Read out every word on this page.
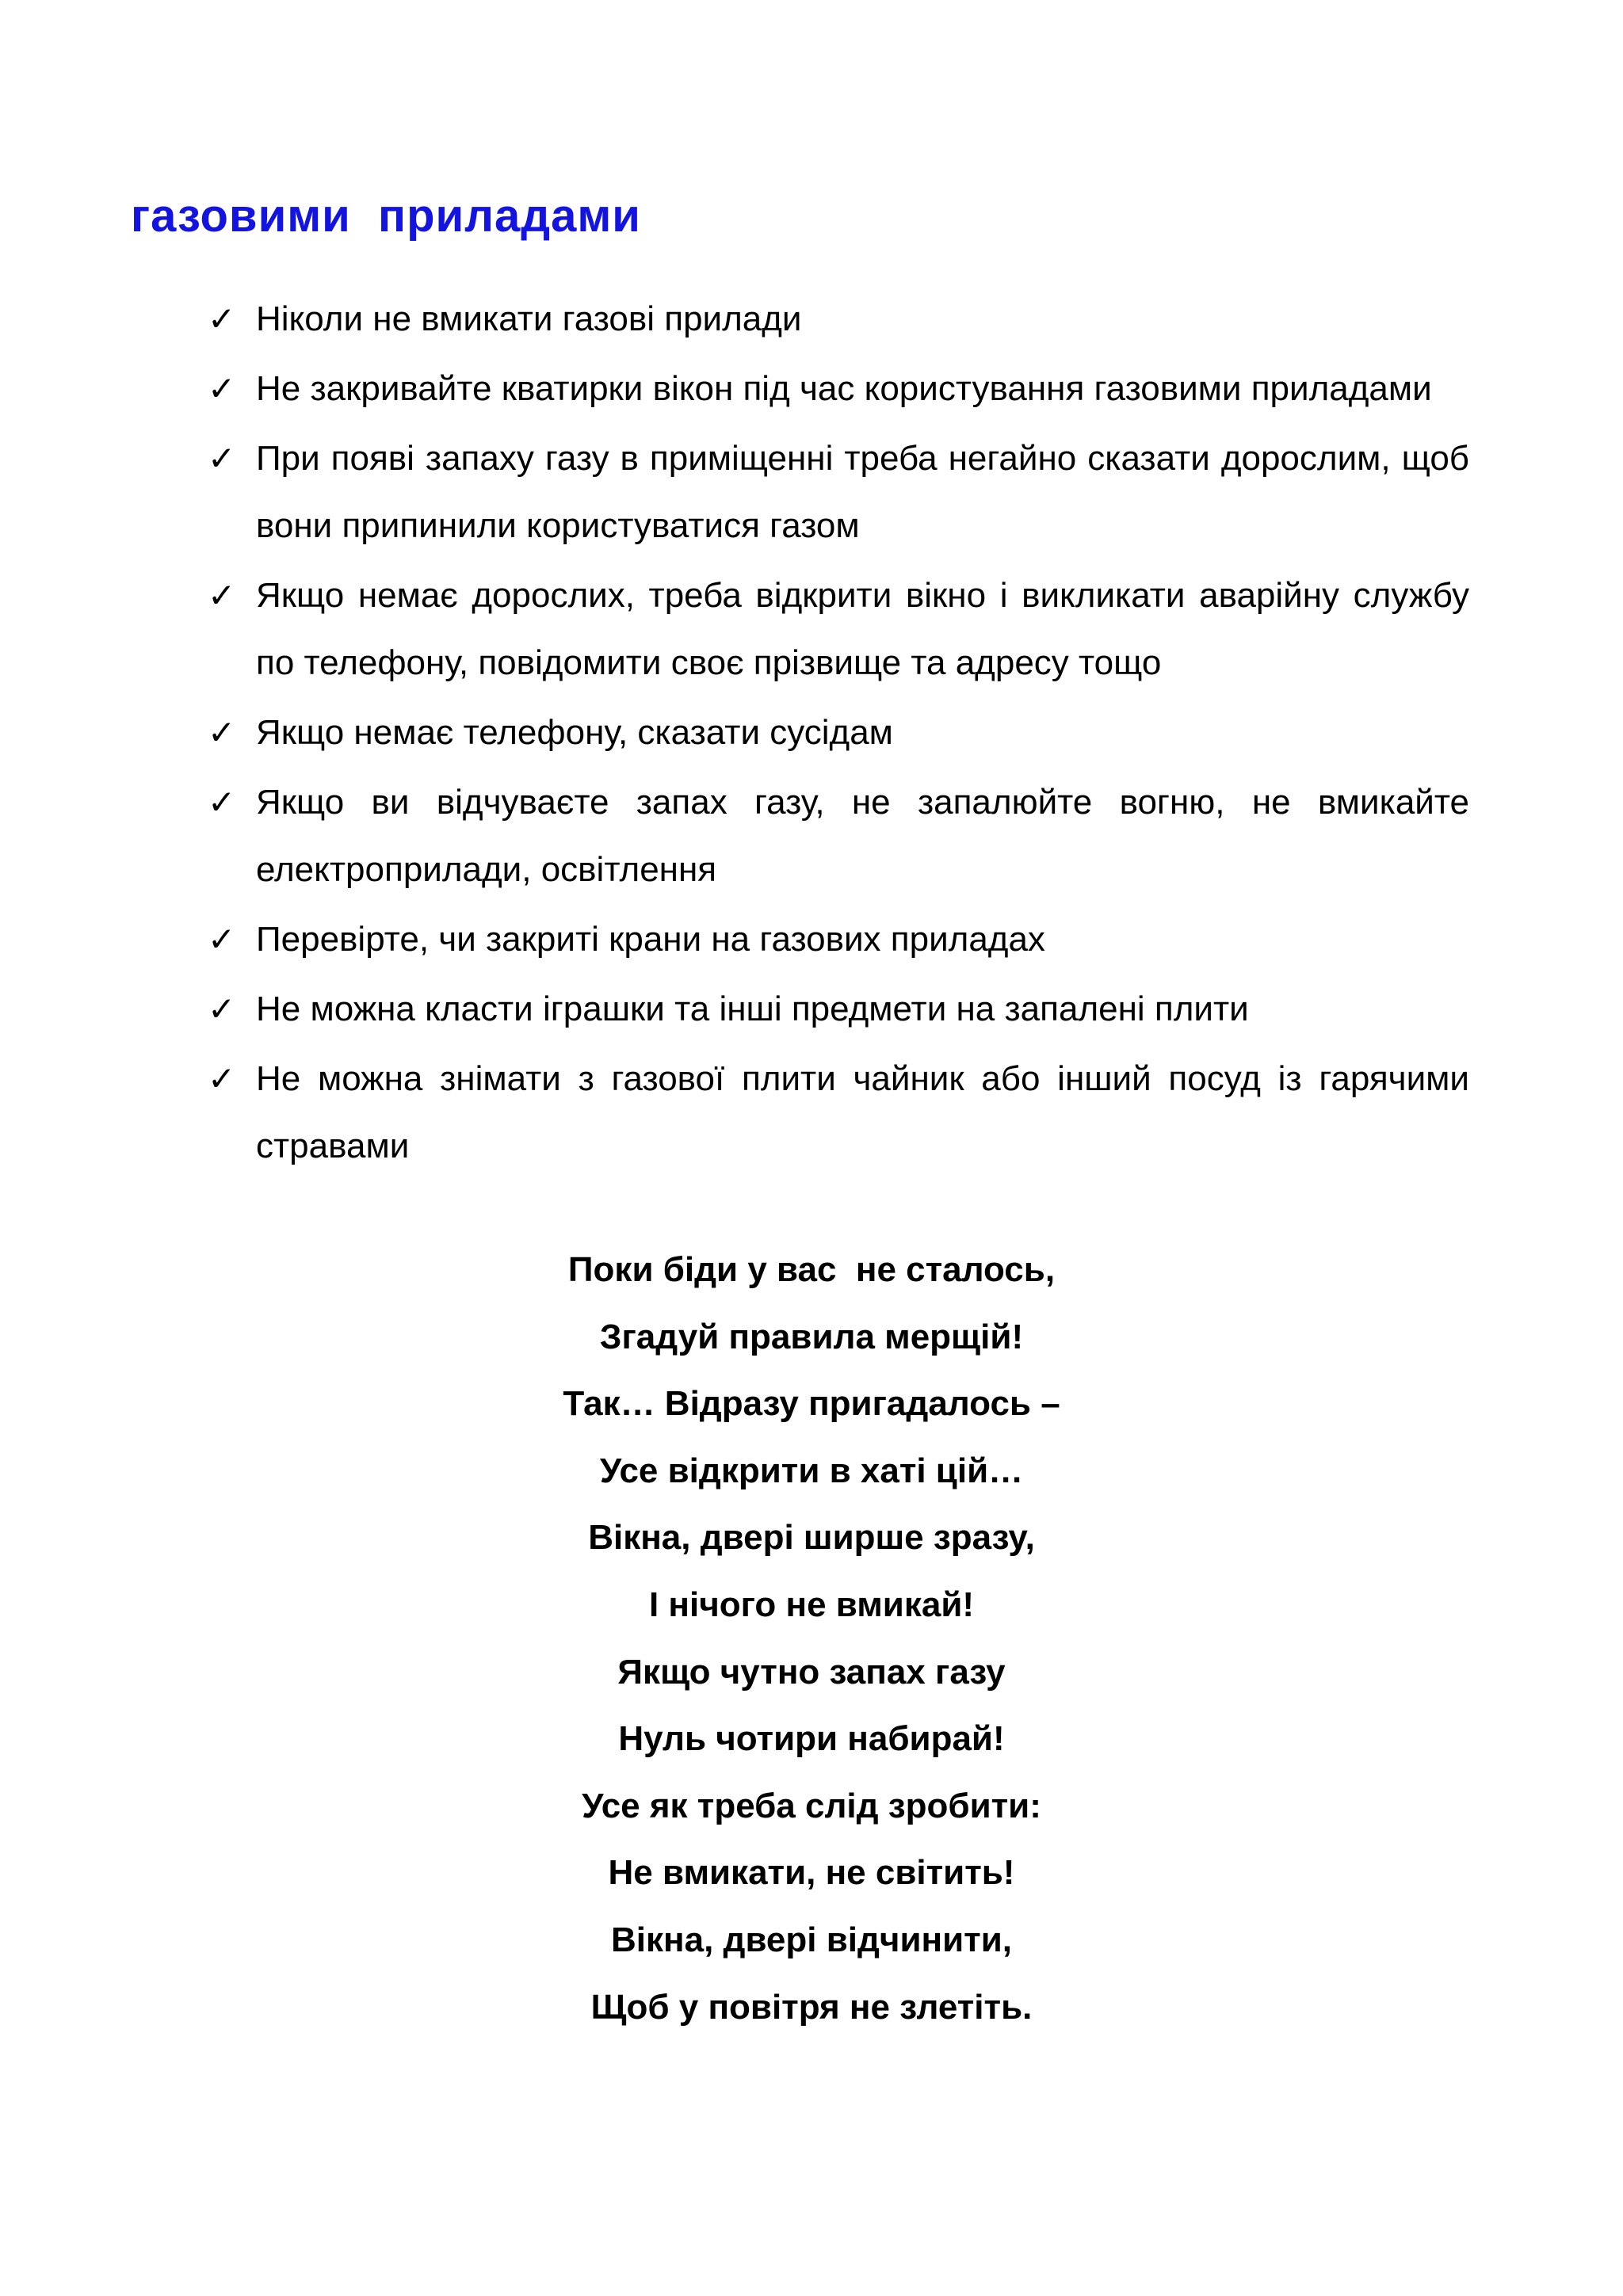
газовими  приладами
✓ Ніколи не вмикати газові прилади
✓ Не закривайте кватирки вікон під час користування газовими приладами
✓ При появі запаху газу в приміщенні треба негайно сказати дорослим, щоб вони припинили користуватися газом
✓ Якщо немає дорослих, треба відкрити вікно і викликати аварійну службу по телефону, повідомити своє прізвище та адресу тощо
✓ Якщо немає телефону, сказати сусідам
✓ Якщо ви відчуваєте запах газу, не запалюйте вогню, не вмикайте електроприлади, освітлення
✓ Перевірте, чи закриті крани на газових приладах
✓ Не можна класти іграшки та інші предмети на запалені плити
✓ Не можна знімати з газової плити чайник або інший посуд із гарячими стравами
Поки біди у вас  не сталось,
Згадуй правила мерщій!
Так… Відразу пригадалось –
Усе відкрити в хаті цій…
Вікна, двері ширше зразу,
І нічого не вмикай!
Якщо чутно запах газу
Нуль чотири набирай!
Усе як треба слід зробити:
Не вмикати, не світить!
Вікна, двері відчинити,
Щоб у повітря не злетіть.
